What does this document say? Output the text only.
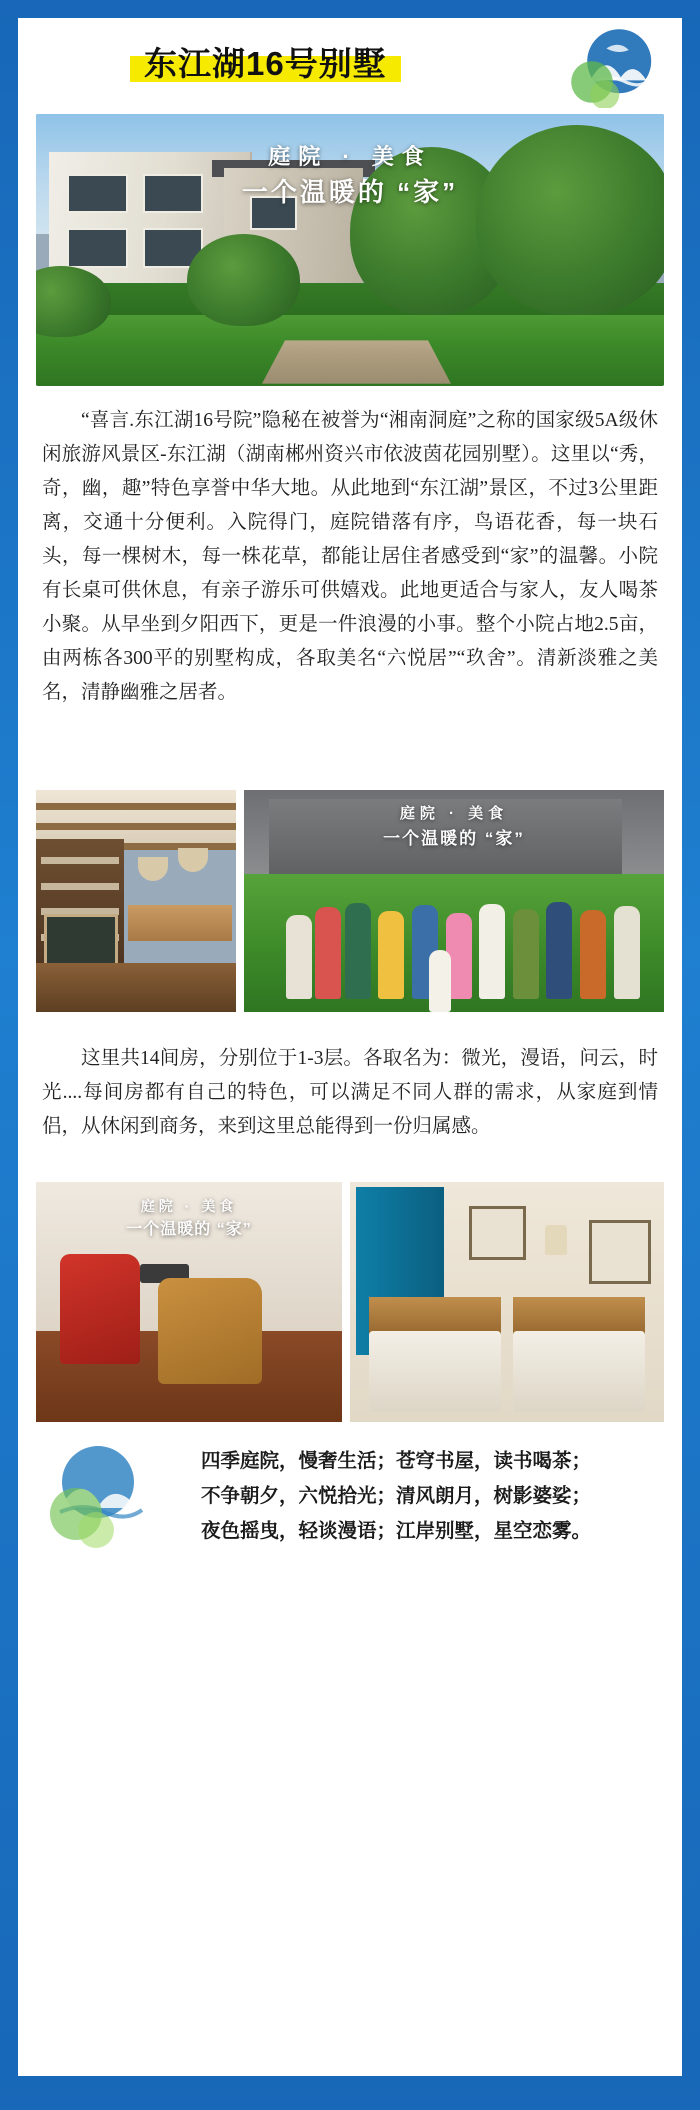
东江湖16号别墅
庭院 · 美食
一个温暖的 “家”
“喜言.东江湖16号院”隐秘在被誉为“湘南洞庭”之称的国家级5A级休闲旅游风景区-东江湖（湖南郴州资兴市依波茵花园别墅）。这里以“秀，奇，幽，趣”特色享誉中华大地。从此地到“东江湖”景区，不过3公里距离，交通十分便利。入院得门，庭院错落有序，鸟语花香，每一块石头，每一棵树木，每一株花草，都能让居住者感受到“家”的温馨。小院有长桌可供休息，有亲子游乐可供嬉戏。此地更适合与家人，友人喝茶小聚。从早坐到夕阳西下，更是一件浪漫的小事。整个小院占地2.5亩，由两栋各300平的别墅构成，各取美名“六悦居”“玖舍”。清新淡雅之美名，清静幽雅之居者。
庭院 · 美食
一个温暖的 “家”
这里共14间房，分别位于1-3层。各取名为：微光，漫语，问云，时光....每间房都有自己的特色，可以满足不同人群的需求，从家庭到情侣，从休闲到商务，来到这里总能得到一份归属感。
庭院 · 美食
一个温暖的 “家”
四季庭院，慢奢生活；苍穹书屋，读书喝茶；
不争朝夕，六悦拾光；清风朗月，树影婆娑；
夜色摇曳，轻谈漫语；江岸别墅，星空恋雾。
